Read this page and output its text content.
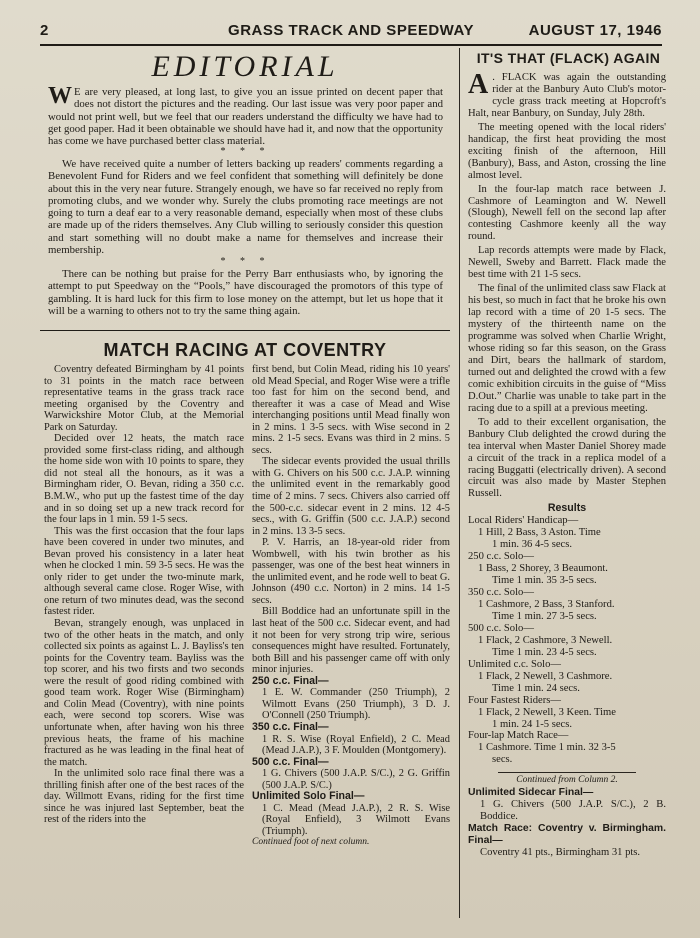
2	GRASS TRACK AND SPEEDWAY	AUGUST 17, 1946
EDITORIAL

W E are very pleased, at long last, to give you an issue printed on decent paper that does not distort the pictures and the reading. Our last issue was very poor paper and would not print well, but we feel that our readers understand the difficulty we have had to get good paper. Had it been obtainable we should have had it, and now that the opportunity has come we have purchased better class material.

* * *

We have received quite a number of letters backing up readers' comments regarding a Benevolent Fund for Riders and we feel confident that something will definitely be done about this in the very near future. Strangely enough, we have so far received no reply from promoting clubs, and we wonder why. Surely the clubs promoting race meetings are not going to turn a deaf ear to a very reasonable demand, especially when most of these clubs are made up of the riders themselves. Any Club willing to seriously consider this question and start something will no doubt make a name for themselves and increase their membership.

* * *

There can be nothing but praise for the Perry Barr enthusiasts who, by ignoring the attempt to put Speedway on the “Pools,” have discouraged the promotors of this type of gambling. It is hard luck for this firm to lose money on the attempt, but let us hope that it will be a warning to others not to try the same thing again.

MATCH RACING AT COVENTRY

Coventry defeated Birmingham by 41 points to 31 points in the match race between representative teams in the grass track race meeting organised by the Coventry and Warwickshire Motor Club, at the Memorial Park on Saturday.

Decided over 12 heats, the match race provided some first-class riding, and although the home side won with 10 points to spare, they did not steal all the honours, as it was a Birmingham rider, O. Bevan, riding a 350 c.c. B.M.W., who put up the fastest time of the day and in so doing set up a new track record for the four laps in 1 min. 59 1-5 secs.

This was the first occasion that the four laps have been covered in under two minutes, and Bevan proved his consistency in a later heat when he clocked 1 min. 59 3-5 secs. He was the only rider to get under the two-minute mark, although several came close. Roger Wise, with one return of two minutes dead, was the second fastest rider.

Bevan, strangely enough, was unplaced in two of the other heats in the match, and only collected six points as against L. J. Bayliss's ten points for the Coventry team. Bayliss was the top scorer, and his two firsts and two seconds were the result of good riding combined with good team work. Roger Wise (Birmingham) and Colin Mead (Coventry), with nine points each, were second top scorers. Wise was unfortunate when, after having won his three previous heats, the frame of his machine fractured as he was leading in the final heat of the match.

In the unlimited solo race final there was a thrilling finish after one of the best races of the day. Willmott Evans, riding for the first time since he was injured last September, beat the rest of the riders into the

first bend, but Colin Mead, riding his 10 years' old Mead Special, and Roger Wise were a trifle too fast for him on the second bend, and thereafter it was a case of Mead and Wise interchanging positions until Mead finally won in 2 mins. 1 3-5 secs. with Wise second in 2 mins. 2 1-5 secs. Evans was third in 2 mins. 5 secs.

The sidecar events provided the usual thrills with G. Chivers on his 500 c.c. J.A.P. winning the unlimited event in the remarkably good time of 2 mins. 7 secs. Chivers also carried off the 500-c.c. sidecar event in 2 mins. 12 4-5 secs., with G. Griffin (500 c.c. J.A.P.) second in 2 mins. 13 3-5 secs.

P. V. Harris, an 18-year-old rider from Wombwell, with his twin brother as his passenger, was one of the best heat winners in the unlimited event, and he rode well to beat G. Johnson (490 c.c. Norton) in 2 mins. 14 1-5 secs.

Bill Boddice had an unfortunate spill in the last heat of the 500 c.c. Sidecar event, and had it not been for very strong trip wire, serious consequences might have resulted. Fortunately, both Bill and his passenger came off with only minor injuries.

250 c.c. Final—

1 E. W. Commander (250 Triumph), 2 Wilmott Evans (250 Triumph), 3 D. J. O'Connell (250 Triumph).

350 c.c. Final—

1 R. S. Wise (Royal Enfield), 2 C. Mead (Mead J.A.P.), 3 F. Moulden (Montgomery).

500 c.c. Final—

1 G. Chivers (500 J.A.P. S/C.), 2 G. Griffin (500 J.A.P. S/C.)

Unlimited Solo Final—

1 C. Mead (Mead J.A.P.), 2 R. S. Wise (Royal Enfield), 3 Wilmott Evans (Triumph).

Continued foot of next column.

IT'S THAT (FLACK) AGAIN

A . FLACK was again the outstanding rider at the Banbury Auto Club's motor-cycle grass track meeting at Hopcroft's Halt, near Banbury, on Sunday, July 28th.

The meeting opened with the local riders' handicap, the first heat providing the most exciting finish of the afternoon, Hill (Banbury), Bass, and Aston, crossing the line almost level.

In the four-lap match race between J. Cashmore of Leamington and W. Newell (Slough), Newell fell on the second lap after contesting Cashmore keenly all the way round.

Lap records attempts were made by Flack, Newell, Sweby and Barrett. Flack made the best time with 21 1-5 secs.

The final of the unlimited class saw Flack at his best, so much in fact that he broke his own lap record with a time of 20 1-5 secs. The mystery of the thirteenth name on the programme was solved when Charlie Wright, whose riding so far this season, on the Grass and Dirt, bears the hallmark of stardom, turned out and delighted the crowd with a few comic exhibition circuits in the guise of “Miss D.Out.” Charlie was unable to take part in the racing due to a spill at a previous meeting.

To add to their excellent organisation, the Banbury Club delighted the crowd during the tea interval when Master Daniel Shorey made a circuit of the track in a replica model of a racing Buggatti (electrically driven). A second circuit was also made by Master Stephen Russell.

Results

Local Riders' Handicap—

1 Hill, 2 Bass, 3 Aston. Time

1 min. 36 4-5 secs.

250 c.c. Solo—

1 Bass, 2 Shorey, 3 Beaumont.

Time 1 min. 35 3-5 secs.

350 c.c. Solo—

1 Cashmore, 2 Bass, 3 Stanford.

Time 1 min. 27 3-5 secs.

500 c.c. Solo—

1 Flack, 2 Cashmore, 3 Newell.

Time 1 min. 23 4-5 secs.

Unlimited c.c. Solo—

1 Flack, 2 Newell, 3 Cashmore.

Time 1 min. 24 secs.

Four Fastest Riders—

1 Flack, 2 Newell, 3 Keen. Time

1 min. 24 1-5 secs.

Four-lap Match Race—

1 Cashmore. Time 1 min. 32 3-5

secs.

Continued from Column 2.

Unlimited Sidecar Final—

1 G. Chivers (500 J.A.P. S/C.), 2 B. Boddice.

Match Race: Coventry v. Birmingham. Final—

Coventry 41 pts., Birmingham 31 pts.
